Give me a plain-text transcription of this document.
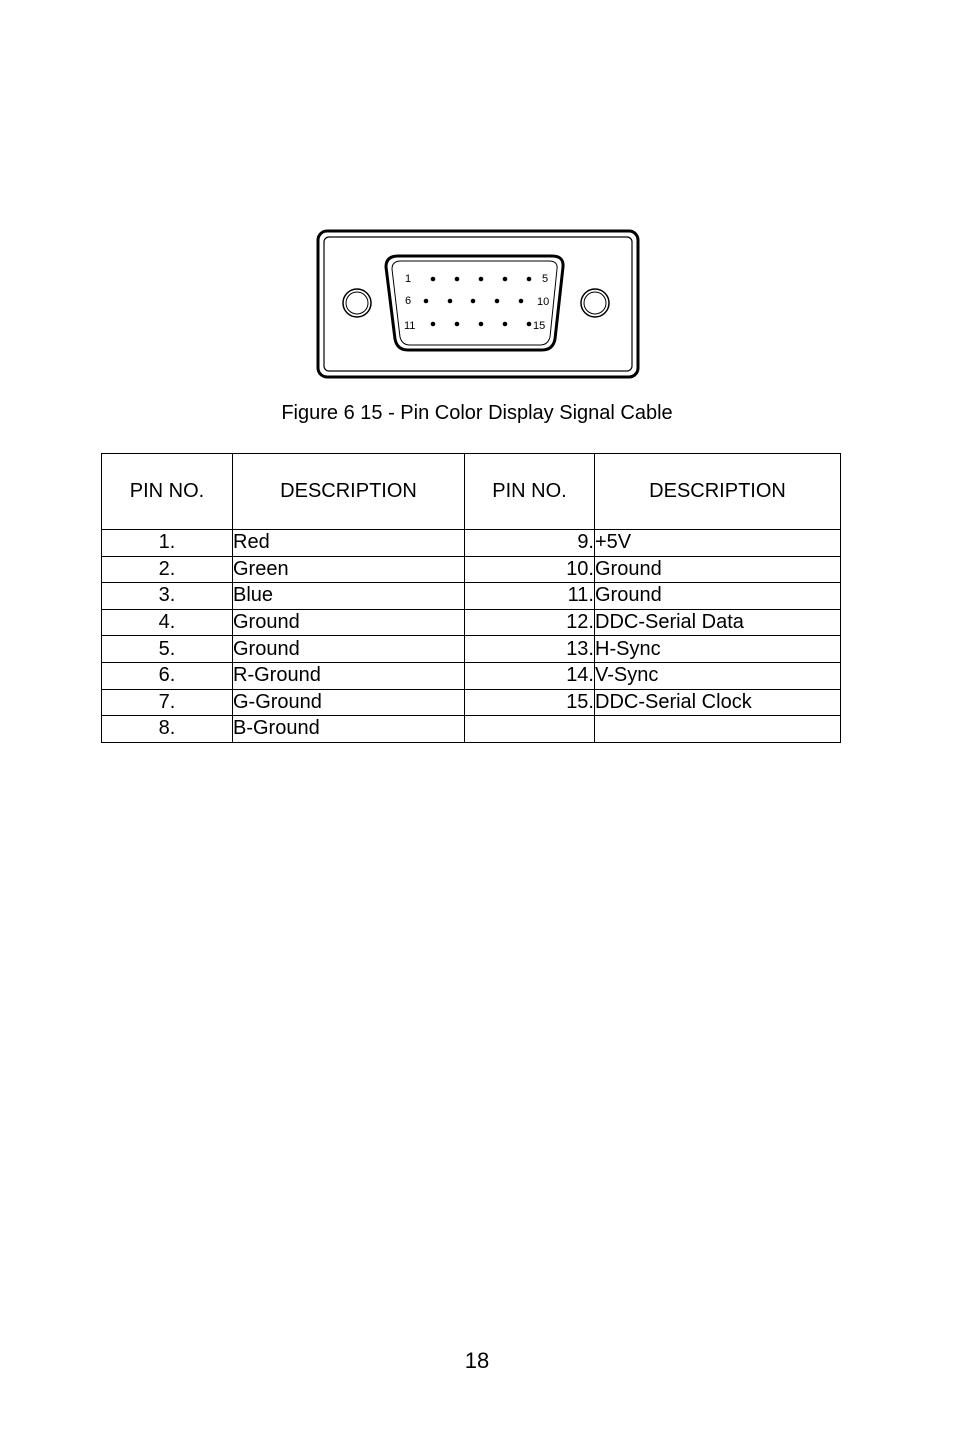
1	5
6	10
11	15
Figure 6 15 - Pin Color Display Signal Cable
PIN NO.	DESCRIPTION	PIN NO.	DESCRIPTION
1.	Red	9.	+5V
2.	Green	10.	Ground
3.	Blue	11.	Ground
4.	Ground	12.	DDC-Serial Data
5.	Ground	13.	H-Sync
6.	R-Ground	14.	V-Sync
7.	G-Ground	15.	DDC-Serial Clock
8.	B-Ground		
18
